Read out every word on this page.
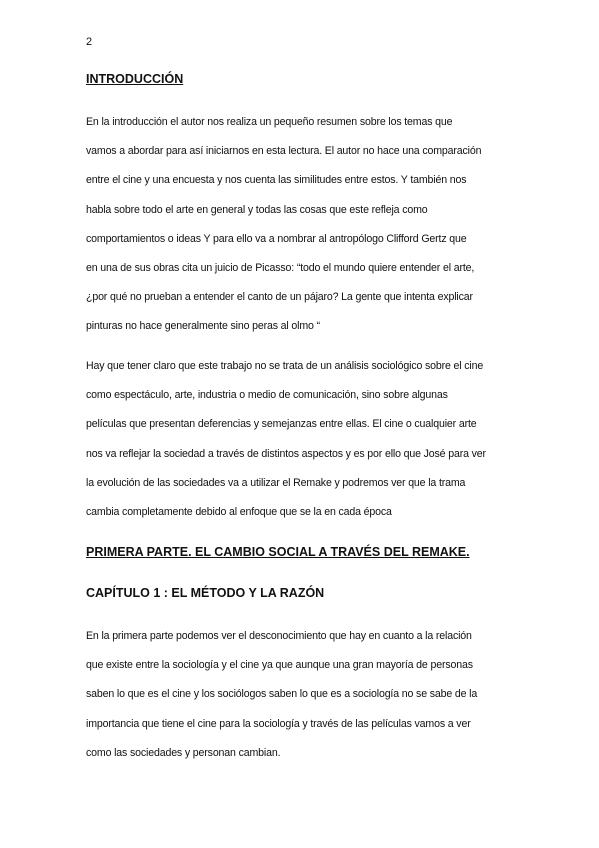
2
INTRODUCCIÓN
En la introducción el autor nos realiza un pequeño resumen sobre los temas que
vamos a abordar para así iniciarnos en esta lectura. El autor no hace una comparación
entre el cine y una encuesta y nos cuenta las similitudes entre estos. Y también nos
habla sobre todo el arte en general y todas las cosas que este refleja como
comportamientos o ideas Y para ello va a nombrar al antropólogo Clifford Gertz que
en una de sus obras cita un juicio de Picasso: “todo el mundo quiere entender el arte,
¿por qué no prueban a entender el canto de un pájaro? La gente que intenta explicar
pinturas no hace generalmente sino peras al olmo “
Hay que tener claro que este trabajo no se trata de un análisis sociológico sobre el cine
como espectáculo, arte, industria o medio de comunicación, sino sobre algunas
películas que presentan deferencias y semejanzas entre ellas. El cine o cualquier arte
nos va reflejar la sociedad a través de distintos aspectos y es por ello que José para ver
la evolución de las sociedades va a utilizar el Remake y podremos ver que la trama
cambia completamente debido al enfoque que se la en cada época
PRIMERA PARTE. EL CAMBIO SOCIAL A TRAVÉS DEL REMAKE.
CAPÍTULO 1 : EL MÉTODO Y LA RAZÓN
En la primera parte podemos ver el desconocimiento que hay en cuanto a la relación
que existe entre la sociología y el cine ya que aunque una gran mayoría de personas
saben lo que es el cine y los sociólogos saben lo que es a sociología no se sabe de la
importancia que tiene el cine para la sociología y través de las películas vamos a ver
como las sociedades y personan cambian.
